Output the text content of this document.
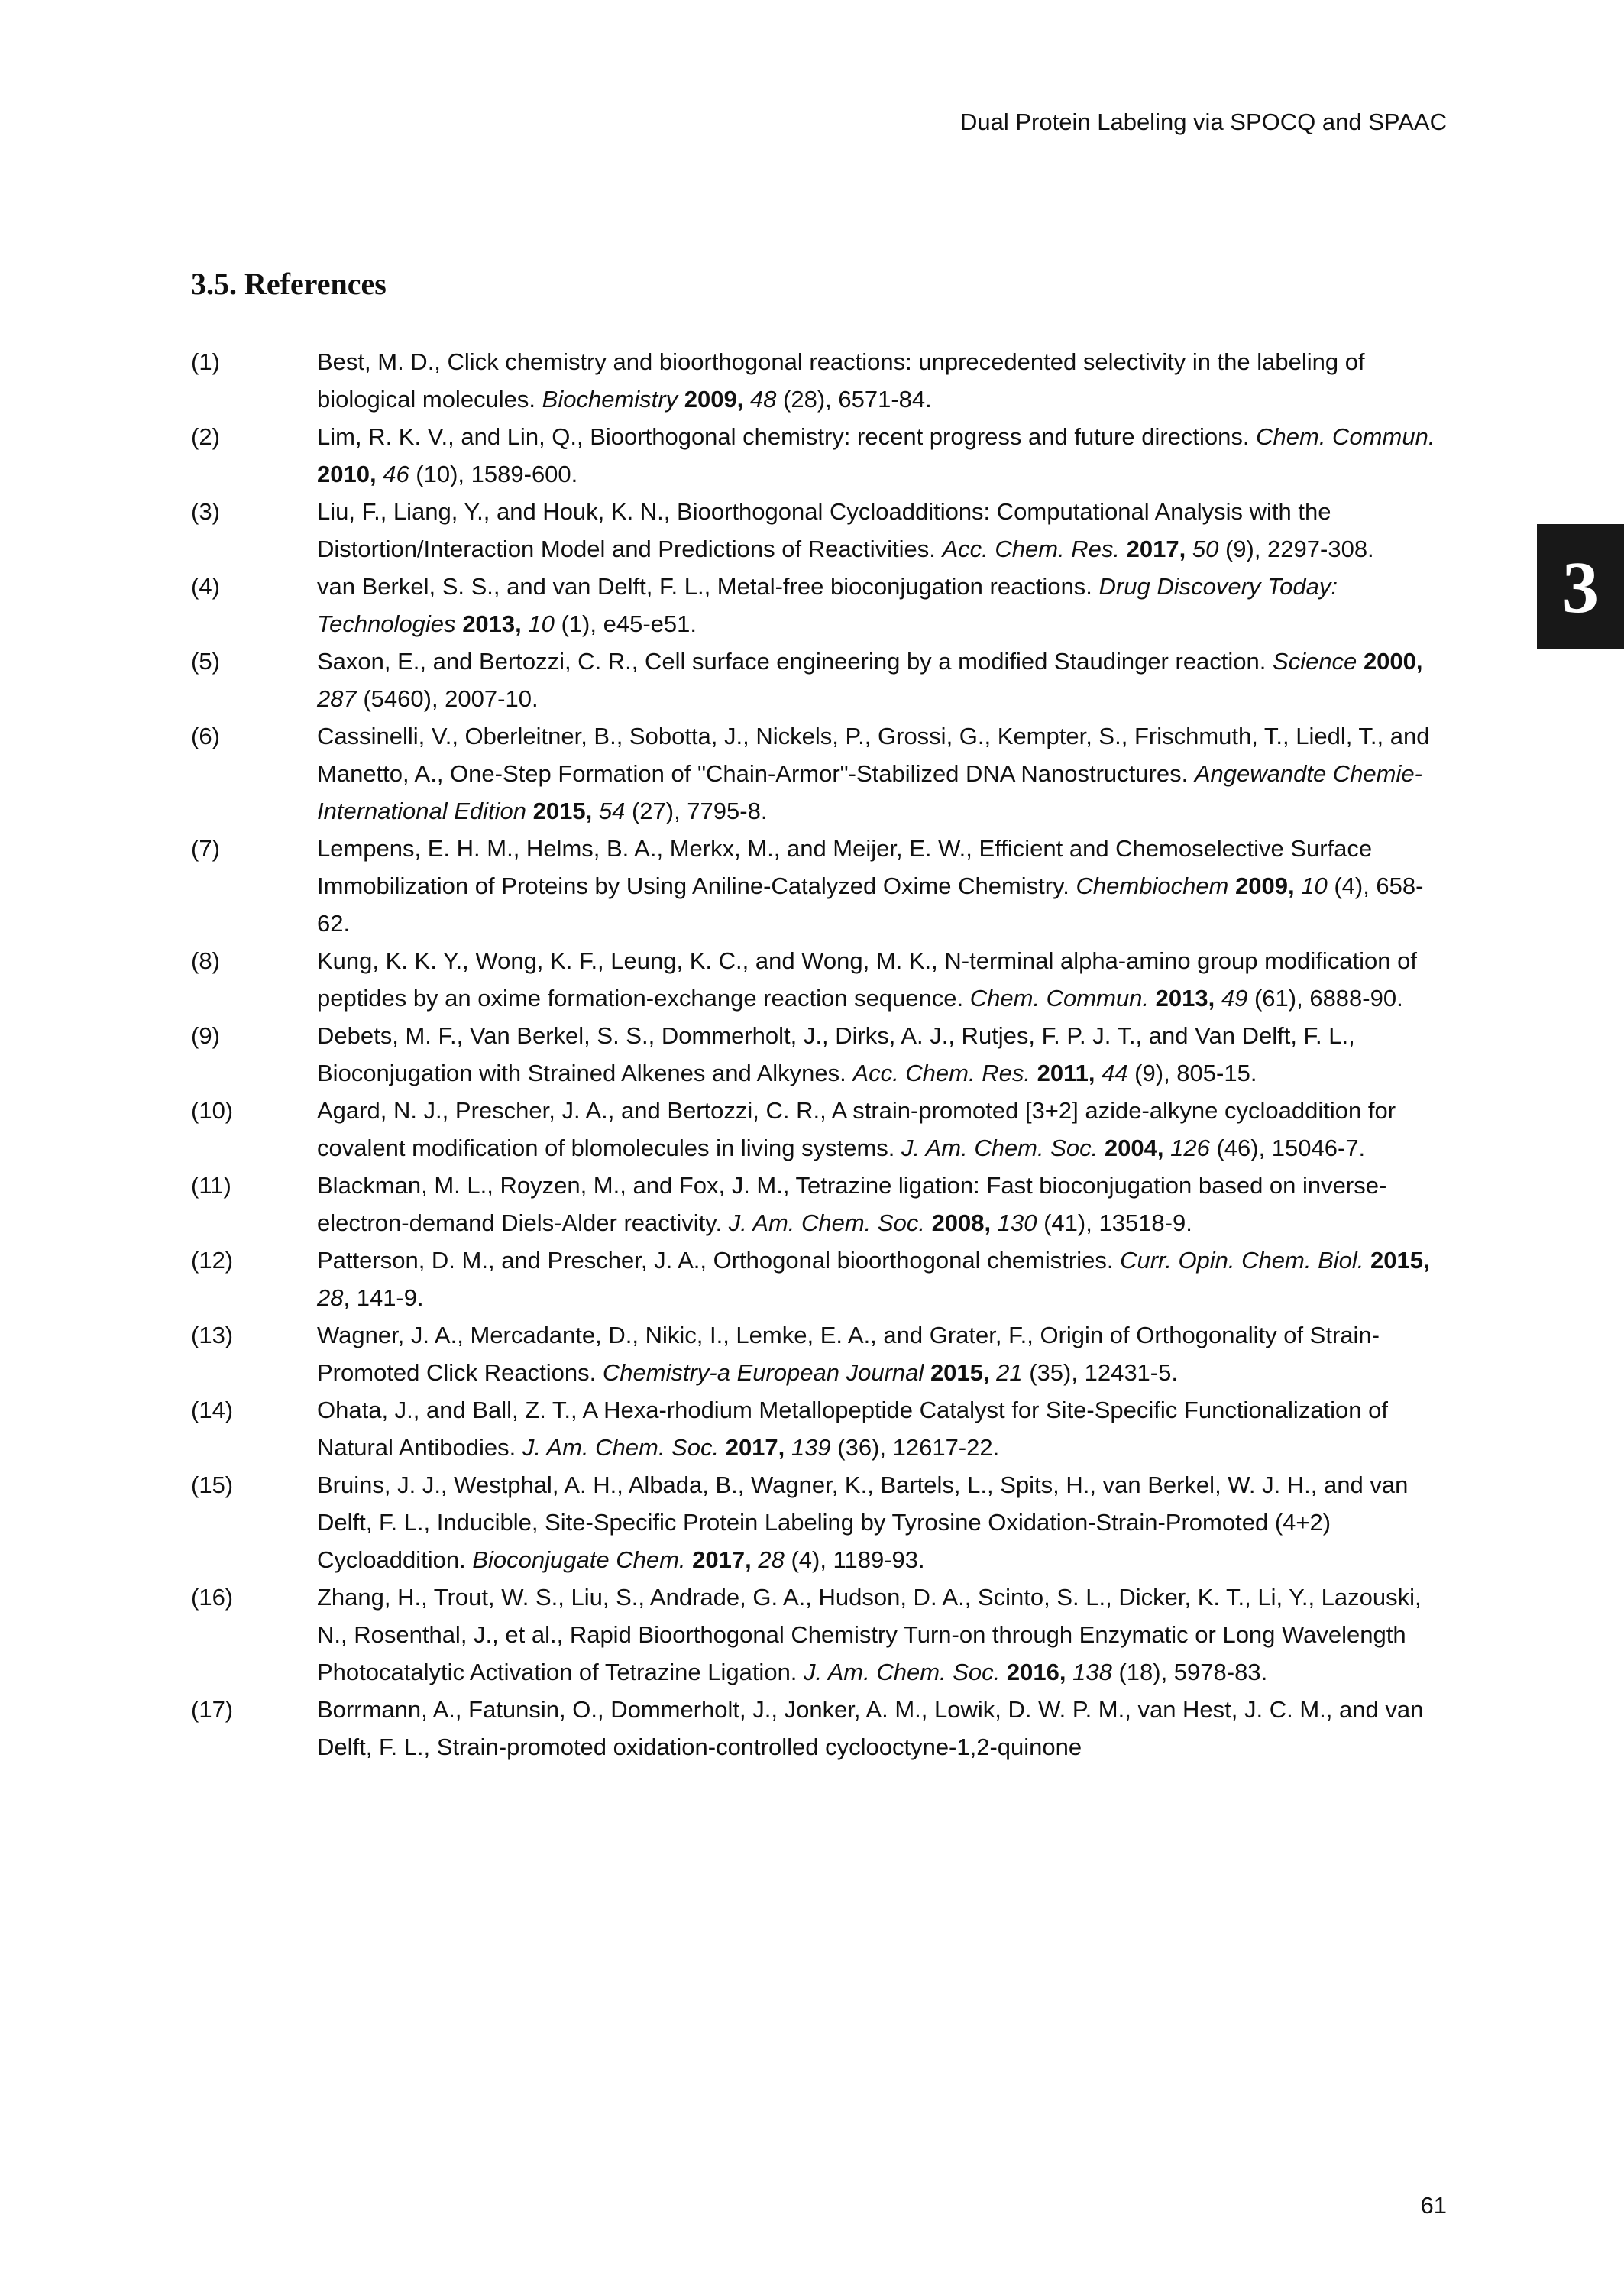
Dual Protein Labeling via SPOCQ and SPAAC
3
3.5. References
(1)	Best, M. D., Click chemistry and bioorthogonal reactions: unprecedented selectivity in the labeling of biological molecules. Biochemistry 2009, 48 (28), 6571-84.
(2)	Lim, R. K. V., and Lin, Q., Bioorthogonal chemistry: recent progress and future directions. Chem. Commun. 2010, 46 (10), 1589-600.
(3)	Liu, F., Liang, Y., and Houk, K. N., Bioorthogonal Cycloadditions: Computational Analysis with the Distortion/Interaction Model and Predictions of Reactivities. Acc. Chem. Res. 2017, 50 (9), 2297-308.
(4)	van Berkel, S. S., and van Delft, F. L., Metal-free bioconjugation reactions. Drug Discovery Today: Technologies 2013, 10 (1), e45-e51.
(5)	Saxon, E., and Bertozzi, C. R., Cell surface engineering by a modified Staudinger reaction. Science 2000, 287 (5460), 2007-10.
(6)	Cassinelli, V., Oberleitner, B., Sobotta, J., Nickels, P., Grossi, G., Kempter, S., Frischmuth, T., Liedl, T., and Manetto, A., One-Step Formation of "Chain-Armor"-Stabilized DNA Nanostructures. Angewandte Chemie-International Edition 2015, 54 (27), 7795-8.
(7)	Lempens, E. H. M., Helms, B. A., Merkx, M., and Meijer, E. W., Efficient and Chemoselective Surface Immobilization of Proteins by Using Aniline-Catalyzed Oxime Chemistry. Chembiochem 2009, 10 (4), 658-62.
(8)	Kung, K. K. Y., Wong, K. F., Leung, K. C., and Wong, M. K., N-terminal alpha-amino group modification of peptides by an oxime formation-exchange reaction sequence. Chem. Commun. 2013, 49 (61), 6888-90.
(9)	Debets, M. F., Van Berkel, S. S., Dommerholt, J., Dirks, A. J., Rutjes, F. P. J. T., and Van Delft, F. L., Bioconjugation with Strained Alkenes and Alkynes. Acc. Chem. Res. 2011, 44 (9), 805-15.
(10)	Agard, N. J., Prescher, J. A., and Bertozzi, C. R., A strain-promoted [3+2] azide-alkyne cycloaddition for covalent modification of blomolecules in living systems. J. Am. Chem. Soc. 2004, 126 (46), 15046-7.
(11)	Blackman, M. L., Royzen, M., and Fox, J. M., Tetrazine ligation: Fast bioconjugation based on inverse-electron-demand Diels-Alder reactivity. J. Am. Chem. Soc. 2008, 130 (41), 13518-9.
(12)	Patterson, D. M., and Prescher, J. A., Orthogonal bioorthogonal chemistries. Curr. Opin. Chem. Biol. 2015, 28, 141-9.
(13)	Wagner, J. A., Mercadante, D., Nikic, I., Lemke, E. A., and Grater, F., Origin of Orthogonality of Strain-Promoted Click Reactions. Chemistry-a European Journal 2015, 21 (35), 12431-5.
(14)	Ohata, J., and Ball, Z. T., A Hexa-rhodium Metallopeptide Catalyst for Site-Specific Functionalization of Natural Antibodies. J. Am. Chem. Soc. 2017, 139 (36), 12617-22.
(15)	Bruins, J. J., Westphal, A. H., Albada, B., Wagner, K., Bartels, L., Spits, H., van Berkel, W. J. H., and van Delft, F. L., Inducible, Site-Specific Protein Labeling by Tyrosine Oxidation-Strain-Promoted (4+2) Cycloaddition. Bioconjugate Chem. 2017, 28 (4), 1189-93.
(16)	Zhang, H., Trout, W. S., Liu, S., Andrade, G. A., Hudson, D. A., Scinto, S. L., Dicker, K. T., Li, Y., Lazouski, N., Rosenthal, J., et al., Rapid Bioorthogonal Chemistry Turn-on through Enzymatic or Long Wavelength Photocatalytic Activation of Tetrazine Ligation. J. Am. Chem. Soc. 2016, 138 (18), 5978-83.
(17)	Borrmann, A., Fatunsin, O., Dommerholt, J., Jonker, A. M., Lowik, D. W. P. M., van Hest, J. C. M., and van Delft, F. L., Strain-promoted oxidation-controlled cyclooctyne-1,2-quinone
61
